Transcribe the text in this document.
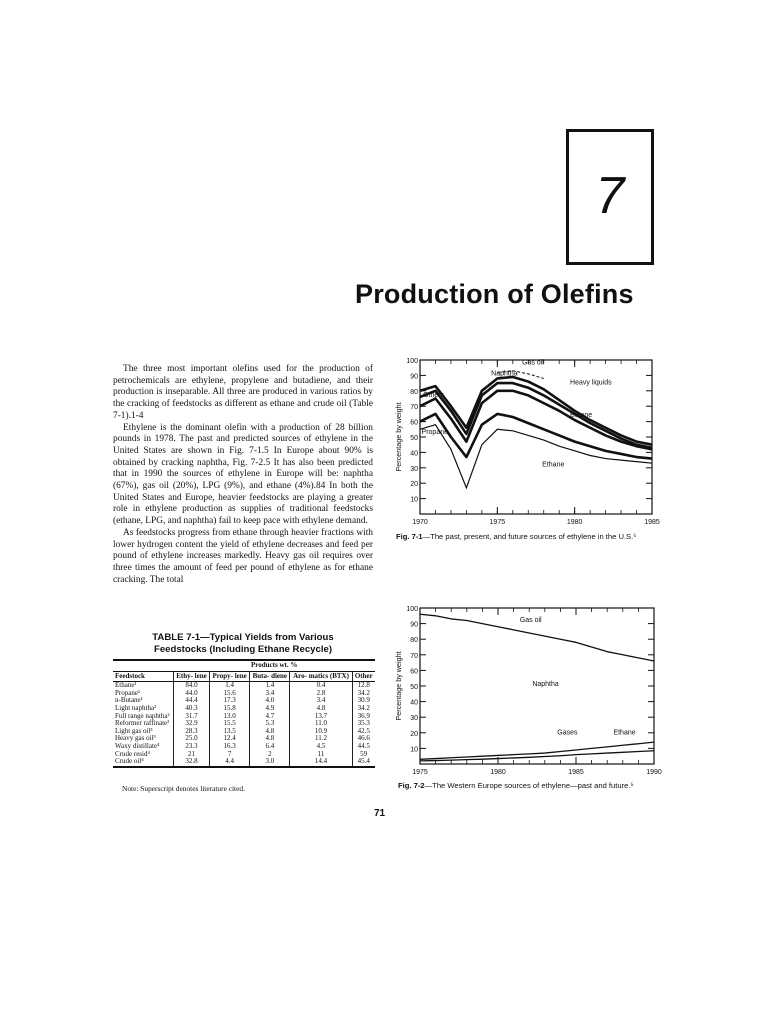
7
Production of Olefins

The three most important olefins used for the production of petrochemicals are ethylene, propylene and butadiene, and their production is inseparable. All three are produced in various ratios by the cracking of feedstocks as different as ethane and crude oil (Table 7-1).1-4

Ethylene is the dominant olefin with a production of 28 billion pounds in 1978. The past and predicted sources of ethylene in the United States are shown in Fig. 7-1.5 In Europe about 90% is obtained by cracking naphtha, Fig. 7-2.5 It has also been predicted that in 1990 the sources of ethylene in Europe will be: naphtha (67%), gas oil (20%), LPG (9%), and ethane (4%).84 In both the United States and Europe, heavier feedstocks are playing a greater role in ethylene production as supplies of traditional feedstocks (ethane, LPG, and naphtha) fail to keep pace with ethylene demand.

As feedstocks progress from ethane through heavier fractions with lower hydrogen content the yield of ethylene decreases and feed per pound of ethylene increases markedly. Heavy gas oil requires over three times the amount of feed per pound of ethylene as for ethane cracking. The total

TABLE 7-1—Typical Yields from Various
Feedstocks (Including Ethane Recycle)
	Products wt. %				
Feedstock	Ethy- lene	Propy- lene	Buta- diene	Aro- matics (BTX)	Other
Ethane¹	84.0	1.4	1.4	0.4	12.8
Propane¹	44.0	15.6	3.4	2.8	34.2
n-Butane¹	44.4	17.3	4.0	3.4	30.9
Light naphtha²	40.3	15.8	4.9	4.8	34.2
Full range naphtha²	31.7	13.0	4.7	13.7	36.9
Reformer raffinate²	32.9	15.5	5.3	11.0	35.3
Light gas oil³	28.3	13.5	4.8	10.9	42.5
Heavy gas oil³	25.0	12.4	4.8	11.2	46.6
Waxy distillate⁴	23.3	16.3	6.4	4.5	44.5
Crude resid⁴	21	7	2	11	59
Crude oil⁴	32.8	4.4	3.0	14.4	45.4
Note: Superscript denotes literature cited.
10
20
30
40
50
60
70
80
90
100
1970	1975	1980	1985
Percentage by weight
Gas oil
Naphtha
Heavy liquids
Others
Butane
Propane
Ethane
Fig. 7-1—The past, present, and future sources of ethylene in the U.S.⁵
10
20
30
40
50
60
70
80
90
100
1975	1980	1985	1990
Percentage by weight
Gas oil
Naphtha
Gases	Ethane
Fig. 7-2—The Western Europe sources of ethylene—past and future.⁵
71
